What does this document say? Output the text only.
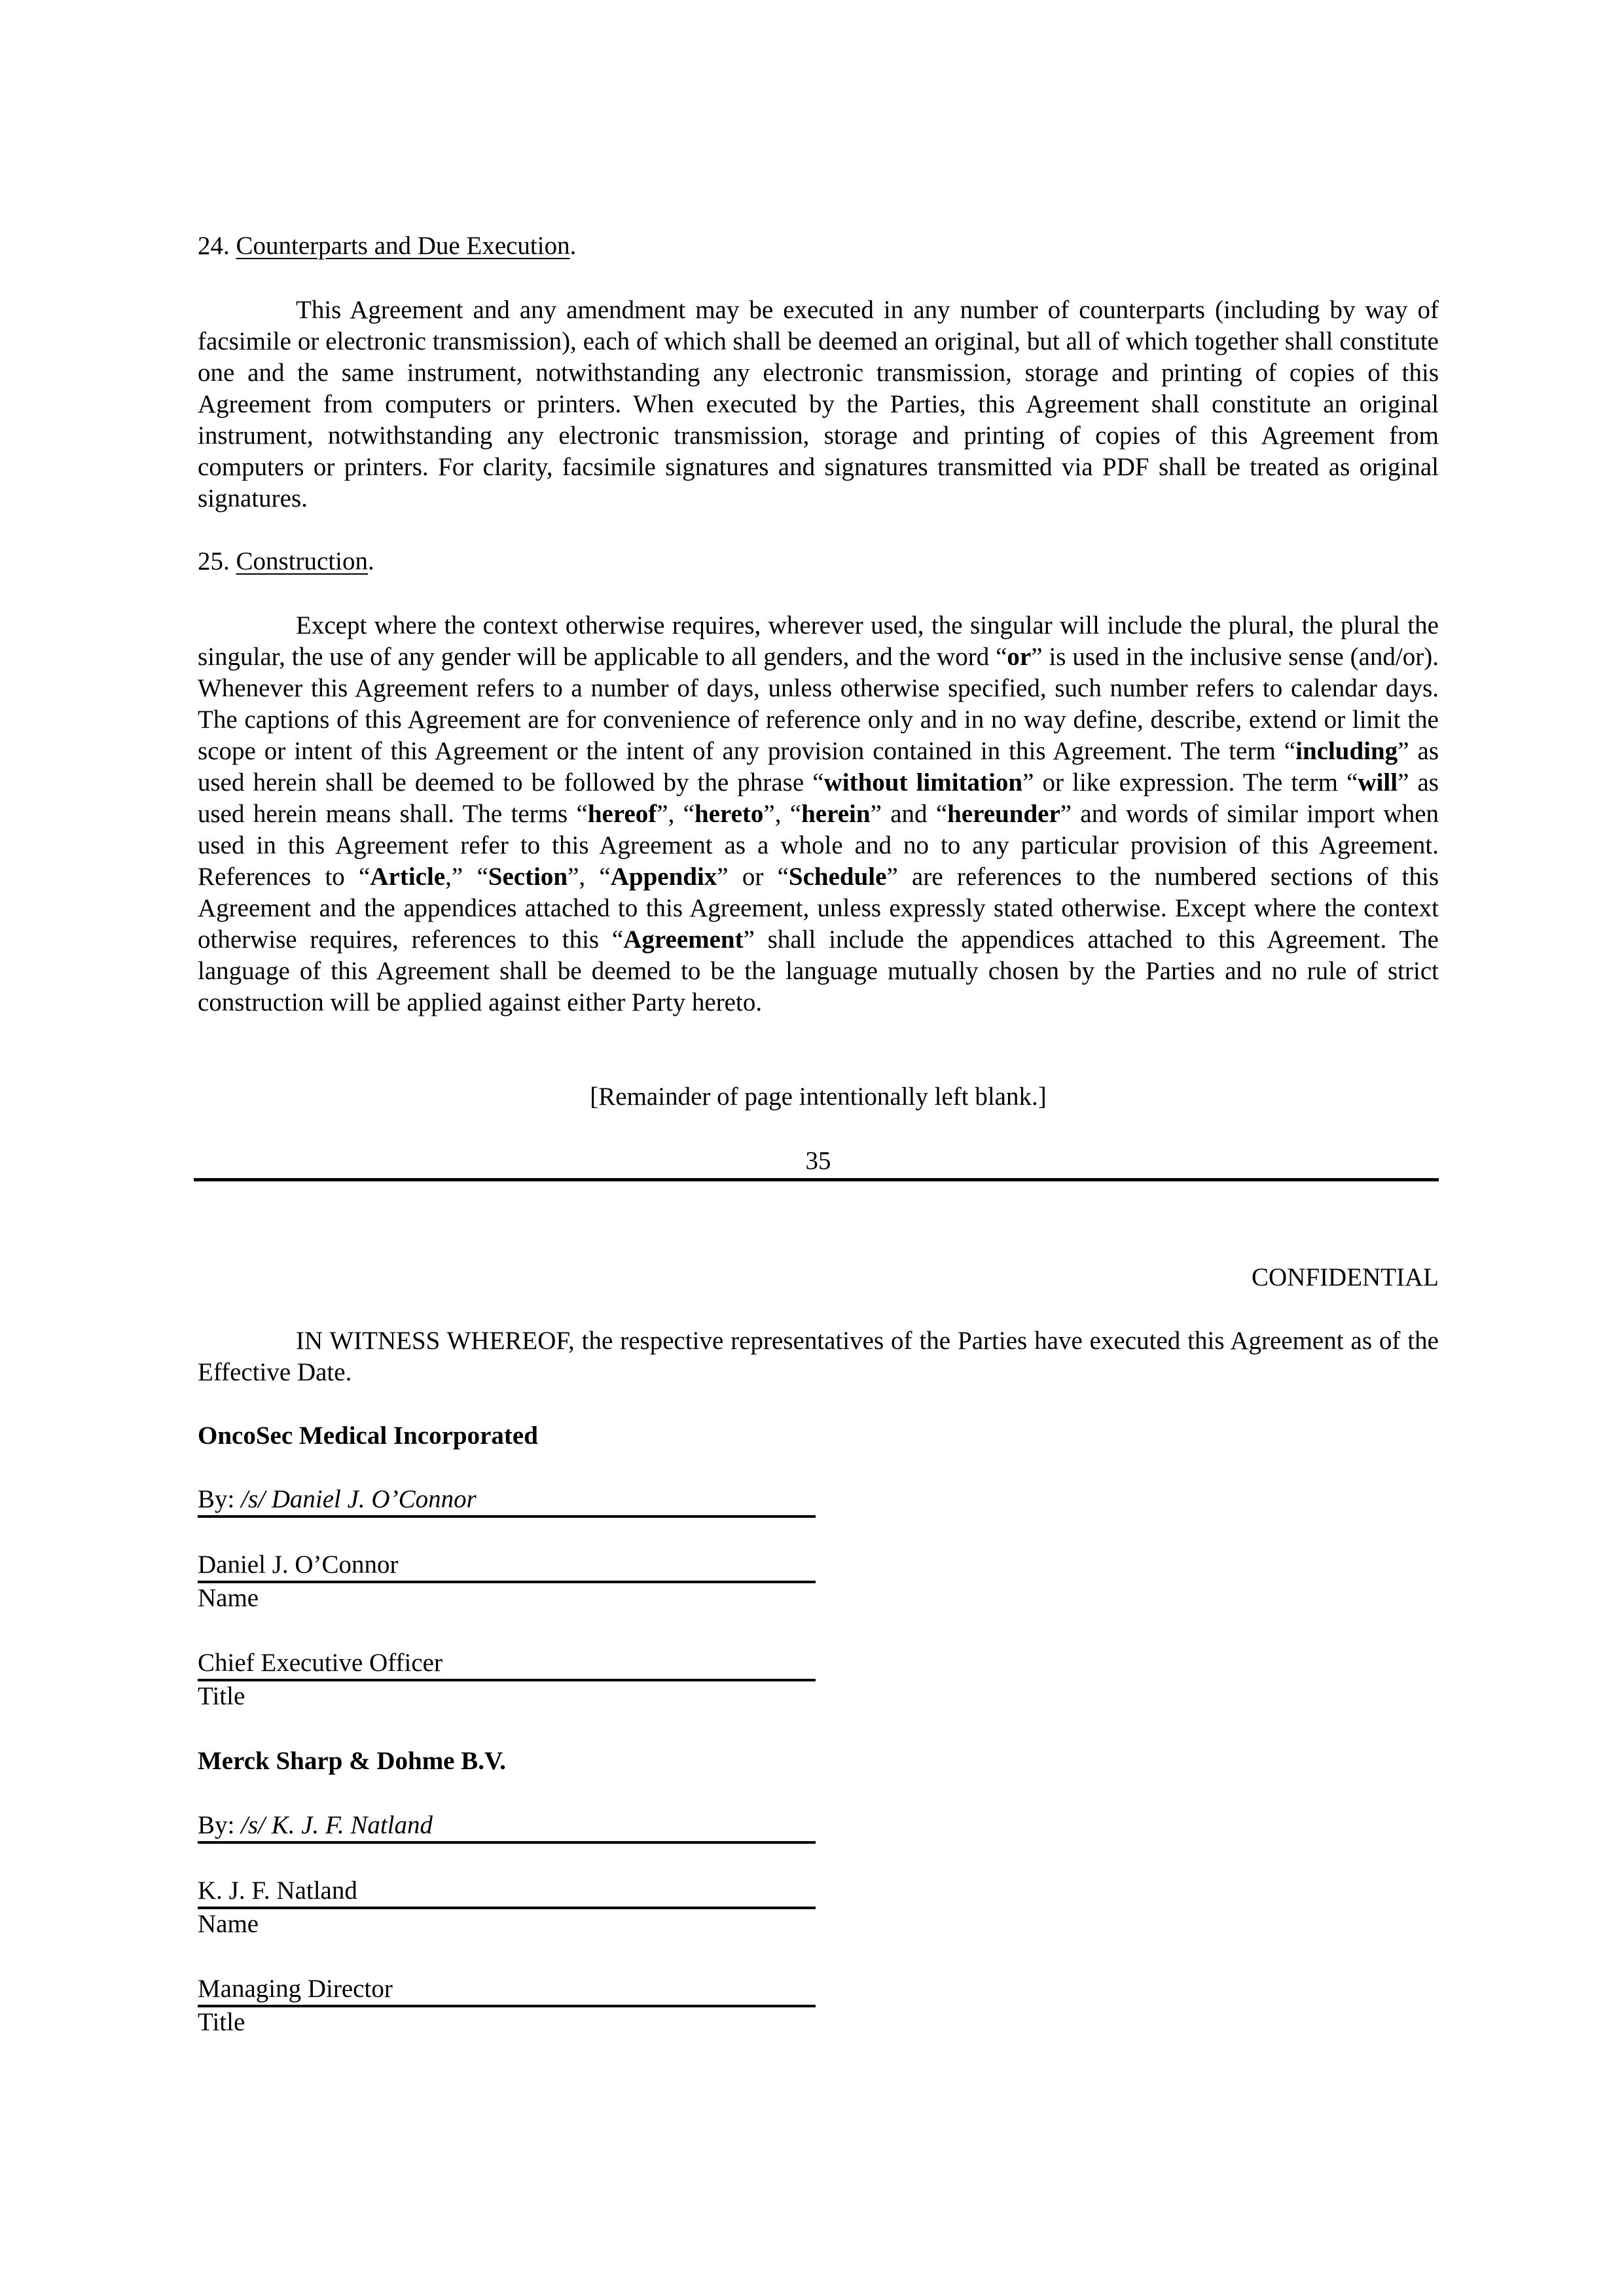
24. Counterparts and Due Execution.

This Agreement and any amendment may be executed in any number of counterparts (including by way of facsimile or electronic transmission), each of which shall be deemed an original, but all of which together shall constitute one and the same instrument, notwithstanding any electronic transmission, storage and printing of copies of this Agreement from computers or printers. When executed by the Parties, this Agreement shall constitute an original instrument, notwithstanding any electronic transmission, storage and printing of copies of this Agreement from computers or printers. For clarity, facsimile signatures and signatures transmitted via PDF shall be treated as original signatures.

25. Construction.

Except where the context otherwise requires, wherever used, the singular will include the plural, the plural the singular, the use of any gender will be applicable to all genders, and the word “or” is used in the inclusive sense (and/or). Whenever this Agreement refers to a number of days, unless otherwise specified, such number refers to calendar days. The captions of this Agreement are for convenience of reference only and in no way define, describe, extend or limit the scope or intent of this Agreement or the intent of any provision contained in this Agreement. The term “including” as used herein shall be deemed to be followed by the phrase “without limitation” or like expression. The term “will” as used herein means shall. The terms “hereof”, “hereto”, “herein” and “hereunder” and words of similar import when used in this Agreement refer to this Agreement as a whole and no to any particular provision of this Agreement. References to “Article,” “Section”, “Appendix” or “Schedule” are references to the numbered sections of this Agreement and the appendices attached to this Agreement, unless expressly stated otherwise. Except where the context otherwise requires, references to this “Agreement” shall include the appendices attached to this Agreement. The language of this Agreement shall be deemed to be the language mutually chosen by the Parties and no rule of strict construction will be applied against either Party hereto.

[Remainder of page intentionally left blank.]
35
CONFIDENTIAL

IN WITNESS WHEREOF, the respective representatives of the Parties have executed this Agreement as of the Effective Date.

OncoSec Medical Incorporated
By: /s/ Daniel J. O’Connor
Daniel J. O’Connor
Name
Chief Executive Officer
Title
Merck Sharp & Dohme B.V.
By: /s/ K. J. F. Natland
K. J. F. Natland
Name
Managing Director
Title
